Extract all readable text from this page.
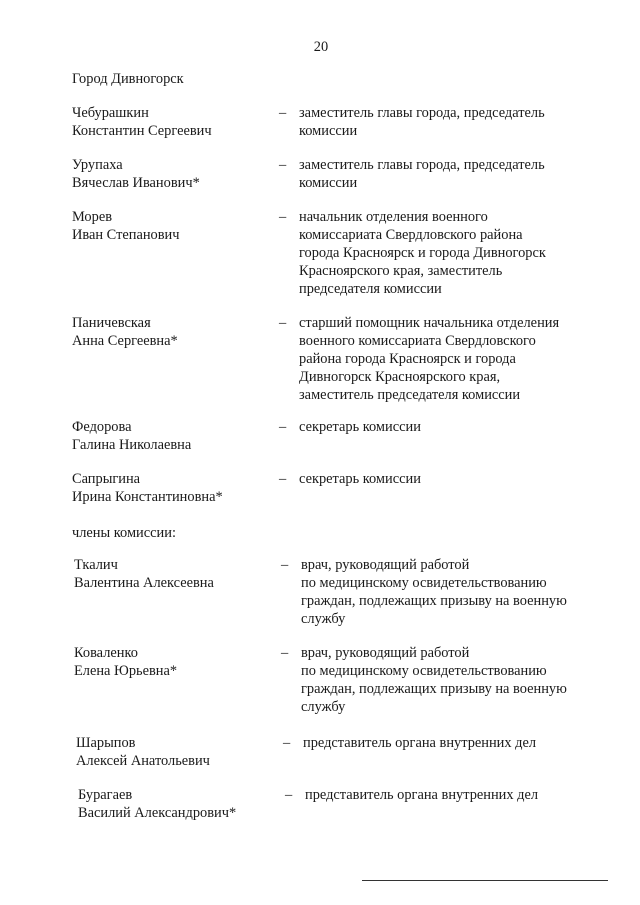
20
Город Дивногорск
члены комиссии:
Чебурашкин
Константин Сергеевич
– заместитель главы города, председатель
комиссии
Урупаха
Вячеслав Иванович*
– заместитель главы города, председатель
комиссии
Морев
Иван Степанович
– начальник отделения военного
комиссариата Свердловского района
города Красноярск и города Дивногорск
Красноярского края, заместитель
председателя комиссии
Паничевская
Анна Сергеевна*
– старший помощник начальника отделения
военного комиссариата Свердловского
района города Красноярск и города
Дивногорск Красноярского края,
заместитель председателя комиссии
Федорова
Галина Николаевна
– секретарь комиссии
Сапрыгина
Ирина Константиновна*
– секретарь комиссии
Ткалич
Валентина Алексеевна
– врач, руководящий работой
по медицинскому освидетельствованию
граждан, подлежащих призыву на военную
службу
Коваленко
Елена Юрьевна*
– врач, руководящий работой
по медицинскому освидетельствованию
граждан, подлежащих призыву на военную
службу
Шарыпов
Алексей Анатольевич
– представитель органа внутренних дел
Бурагаев
Василий Александрович*
– представитель органа внутренних дел
